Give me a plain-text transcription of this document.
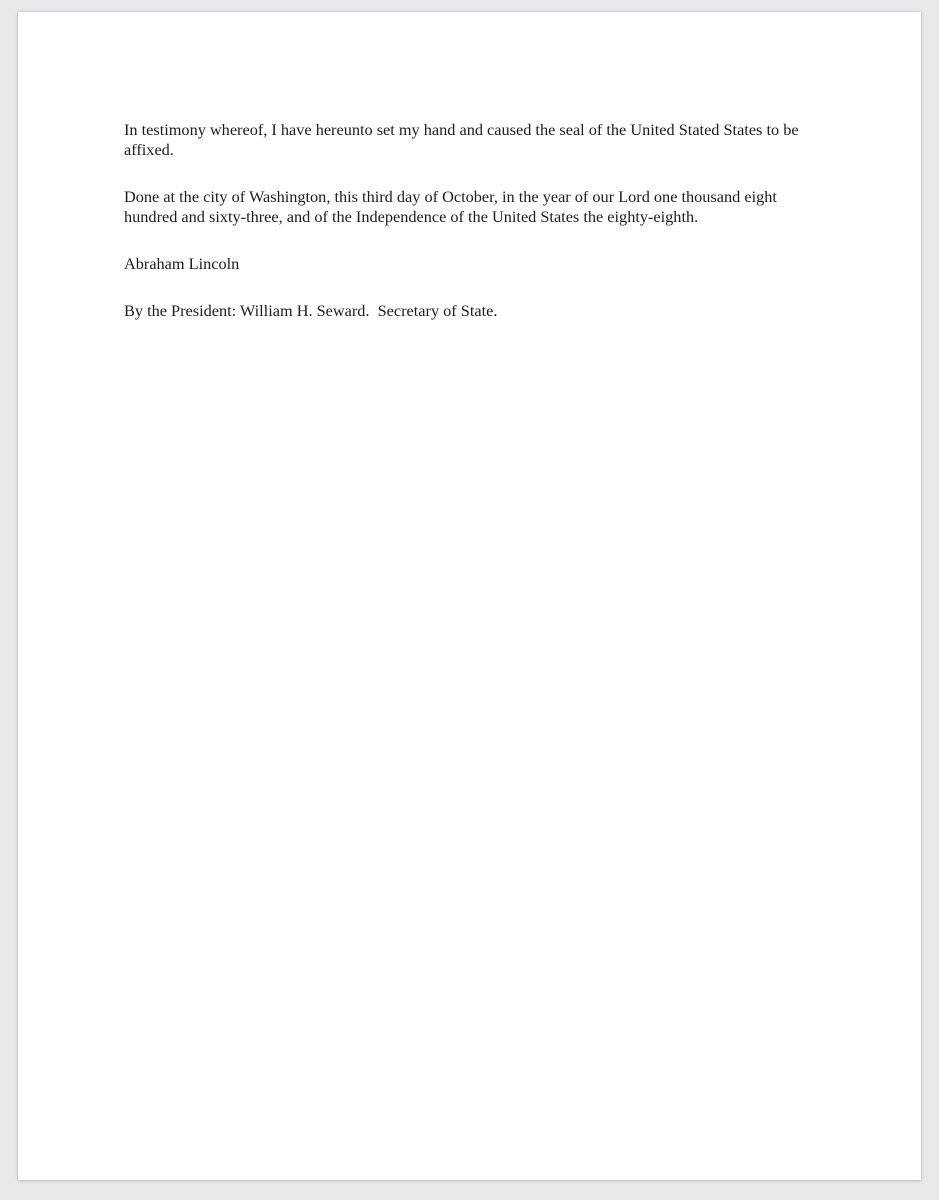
In testimony whereof, I have hereunto set my hand and caused the seal of the United Stated States to be affixed.

Done at the city of Washington, this third day of October, in the year of our Lord one thousand eight hundred and sixty-three, and of the Independence of the United States the eighty-eighth.

Abraham Lincoln

By the President: William H. Seward.  Secretary of State.
